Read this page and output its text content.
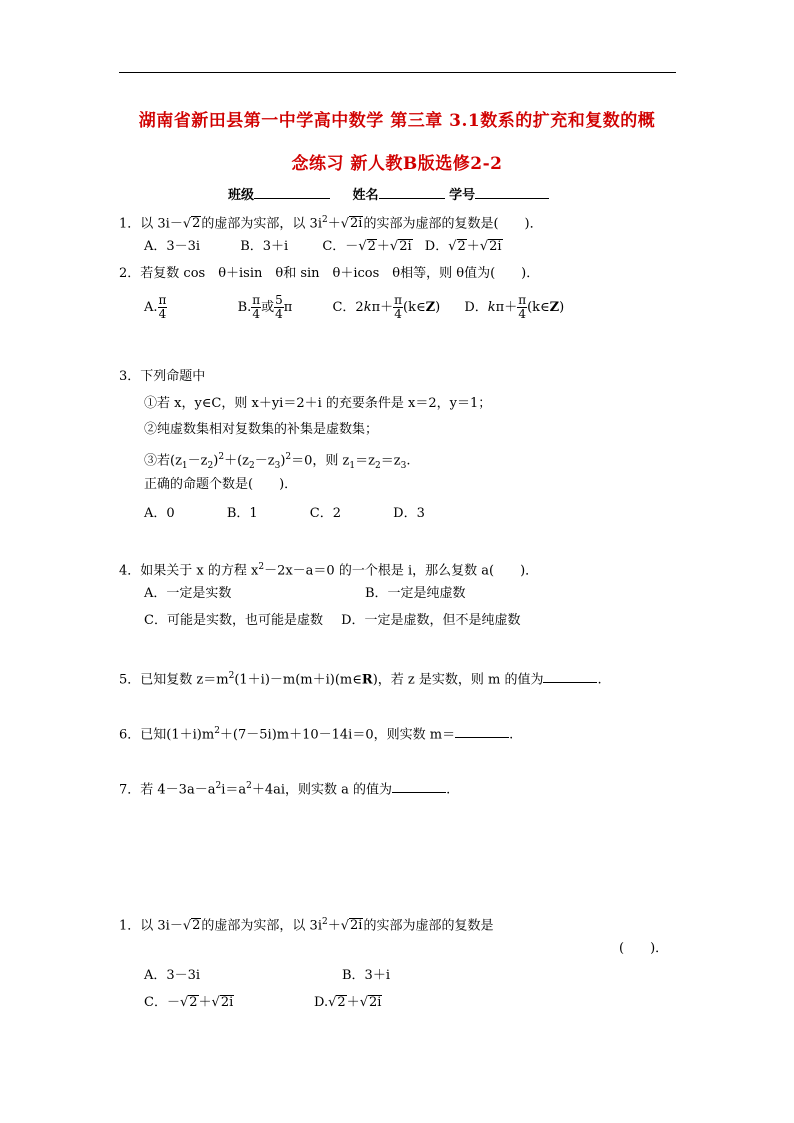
湖南省新田县第一中学高中数学 第三章 3.1数系的扩充和复数的概
念练习 新人教B版选修2-2
班级	姓名	学号
1．以 3i－√2的虚部为实部，以 $3i^2+√2i$的实部为虚部的复数是(　　)．
A．3－3i	B．3＋i	C．－√2＋√2i D．√2＋√2i
2．若复数 cos　θ＋isin　θ和 sin　θ＋icos　θ相等，则 θ值为(　　)．
A. $\frac{\pi}{4}$	B. $\frac{\pi}{4}$ 或 $\frac{5}{4}$ π	C．$2k\pi+ \frac{\pi}{4}$ (k∈Z) D．$k\pi+ \frac{\pi}{4}$ (k∈Z)
3．下列命题中
①若 x，y∈C，则 x＋yi＝2＋i 的充要条件是 x＝2，y＝1；
②纯虚数集相对复数集的补集是虚数集；
③若$(z_1-z_2)^2+(z_2-z_3)^2=0$，则 $z_1=z_2=z_3$.
正确的命题个数是(　　)．
A．0	B．1	C．2	D．3
4．如果关于 x 的方程 $x^2-2x-a=0$ 的一个根是 i，那么复数 a(　　)．
A．一定是实数	B．一定是纯虚数
C．可能是实数，也可能是虚数 D．一定是虚数，但不是纯虚数
5．已知复数 $z=m^2(1+i)-m(m+i)(m\in R)$，若 z 是实数，则 m 的值为	.
6．已知$(1+i)m^2+(7-5i)m+10-14i=0$，则实数 m＝	.
7．若 $4-3a-a^2i=a^2+4ai$，则实数 a 的值为	.
1．以 3i－√2的虚部为实部，以 $3i^2+√2i$的实部为虚部的复数是
(　　)．
A．3－3i	B．3＋i
C．－√2＋√2i	D.√2＋√2i
